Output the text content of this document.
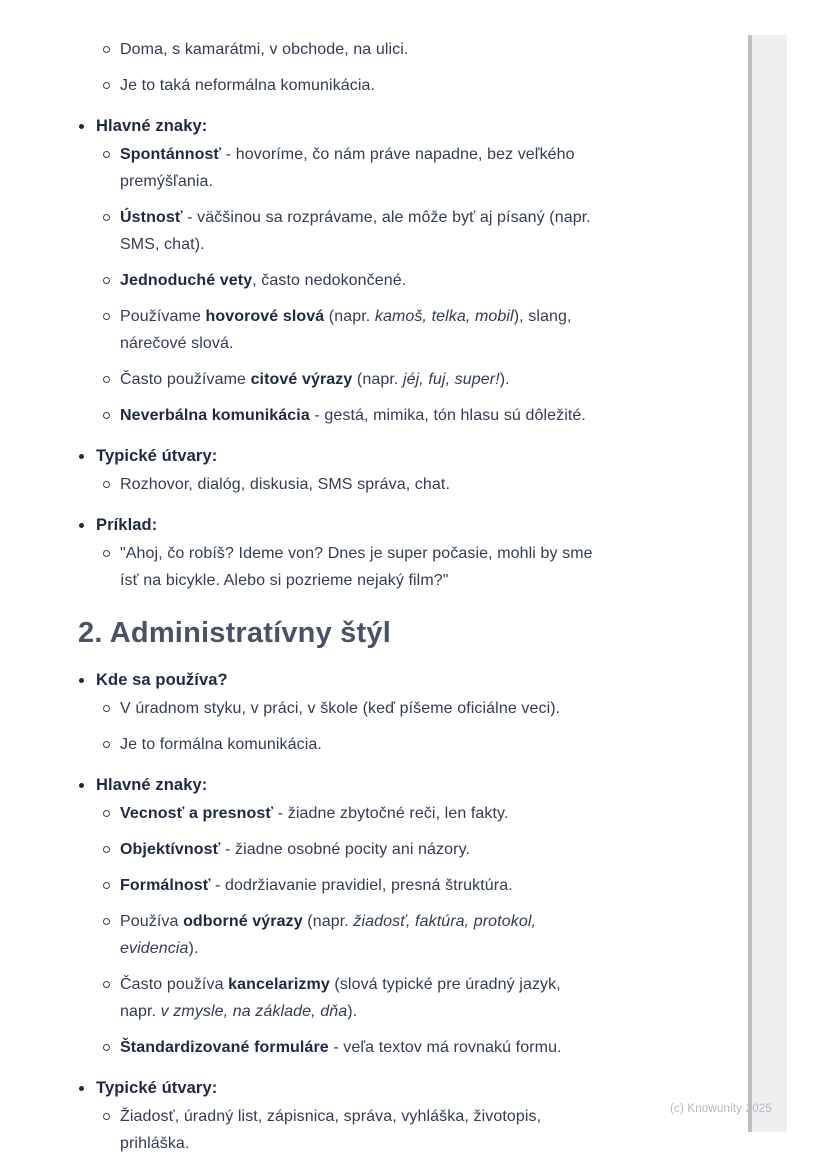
Doma, s kamarátmi, v obchode, na ulici.
Je to taká neformálna komunikácia.
Hlavné znaky:
Spontánnosť - hovoríme, čo nám práve napadne, bez veľkého
premýšľania.
Ústnosť - väčšinou sa rozprávame, ale môže byť aj písaný (napr.
SMS, chat).
Jednoduché vety, často nedokončené.
Používame hovorové slová (napr. kamoš, telka, mobil), slang,
nárečové slová.
Často používame citové výrazy (napr. jéj, fuj, super!).
Neverbálna komunikácia - gestá, mimika, tón hlasu sú dôležité.
Typické útvary:
Rozhovor, dialóg, diskusia, SMS správa, chat.
Príklad:
"Ahoj, čo robíš? Ideme von? Dnes je super počasie, mohli by sme
ísť na bicykle. Alebo si pozrieme nejaký film?"
2. Administratívny štýl
Kde sa používa?
V úradnom styku, v práci, v škole (keď píšeme oficiálne veci).
Je to formálna komunikácia.
Hlavné znaky:
Vecnosť a presnosť - žiadne zbytočné reči, len fakty.
Objektívnosť - žiadne osobné pocity ani názory.
Formálnosť - dodržiavanie pravidiel, presná štruktúra.
Používa odborné výrazy (napr. žiadosť, faktúra, protokol,
evidencia).
Často používa kancelarizmy (slová typické pre úradný jazyk,
napr. v zmysle, na základe, dňa).
Štandardizované formuláre - veľa textov má rovnakú formu.
Typické útvary:
Žiadosť, úradný list, zápisnica, správa, vyhláška, životopis,
prihláška.
(c) Knowunity 2025
